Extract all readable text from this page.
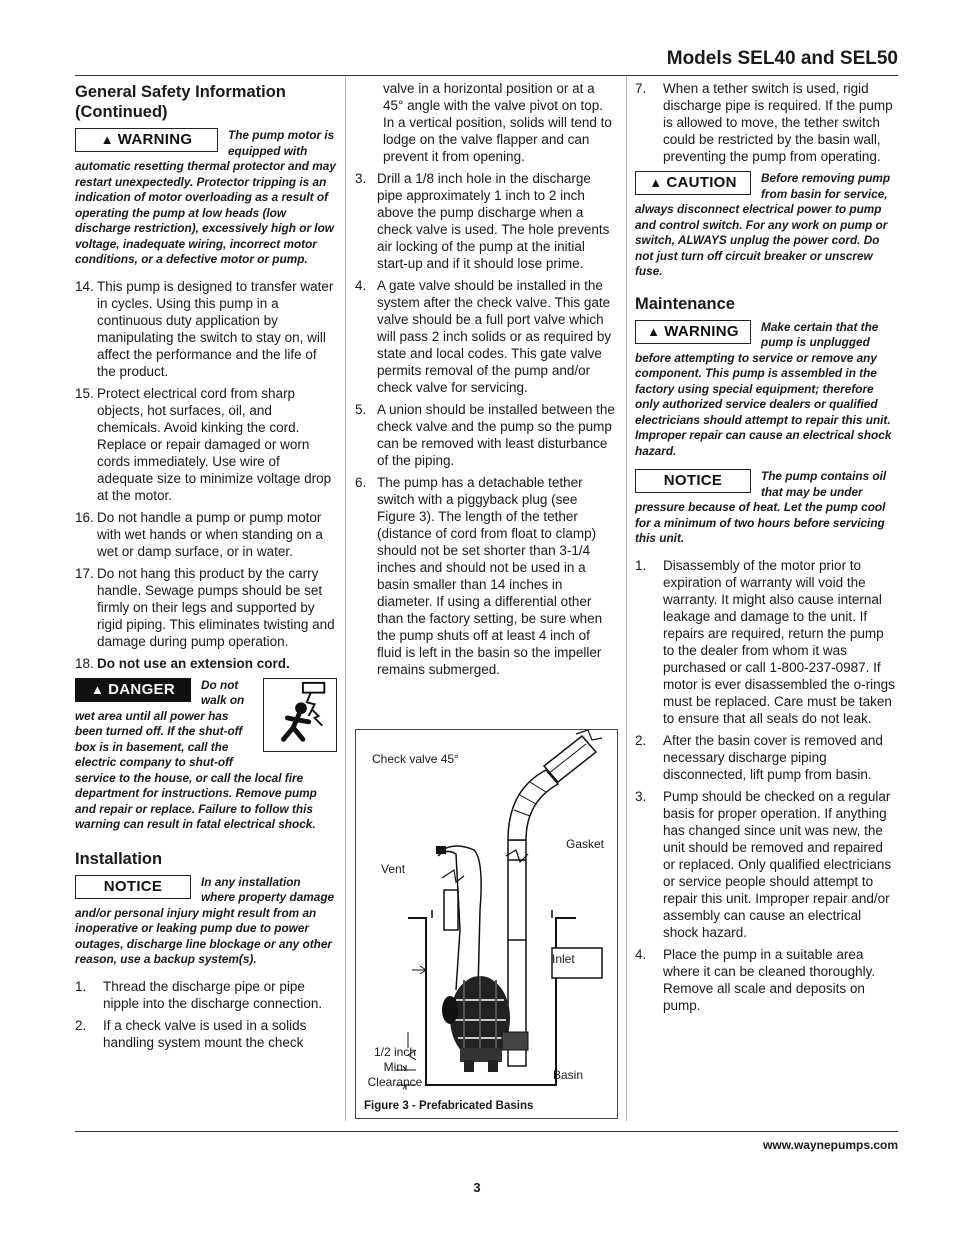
Models SEL40 and SEL50
General Safety Information (Continued)
▲ WARNING	The pump motor is equipped with automatic resetting thermal protector and may restart unexpectedly. Protector tripping is an indication of motor overloading as a result of operating the pump at low heads (low discharge restriction), excessively high or low voltage, inadequate wiring, incorrect motor conditions, or a defective motor or pump.
14. This pump is designed to transfer water in cycles. Using this pump in a continuous duty application by manipulating the switch to stay on, will affect the performance and the life of the product.
15. Protect electrical cord from sharp objects, hot surfaces, oil, and chemicals. Avoid kinking the cord. Replace or repair damaged or worn cords immediately. Use wire of adequate size to minimize voltage drop at the motor.
16. Do not handle a pump or pump motor with wet hands or when standing on a wet or damp surface, or in water.
17. Do not hang this product by the carry handle. Sewage pumps should be set firmly on their legs and supported by rigid piping. This eliminates twisting and damage during pump operation.
18. Do not use an extension cord.
▲ DANGER	Do not walk on wet area until all power has been turned off. If the shut-off box is in basement, call the electric company to shut-off service to the house, or call the local fire department for instructions. Remove pump and repair or replace. Failure to follow this warning can result in fatal electrical shock.
Installation
NOTICE	In any installation where property damage and/or personal injury might result from an inoperative or leaking pump due to power outages, discharge line blockage or any other reason, use a backup system(s).
1. Thread the discharge pipe or pipe nipple into the discharge connection.
2. If a check valve is used in a solids handling system mount the check
valve in a horizontal position or at a 45° angle with the valve pivot on top. In a vertical position, solids will tend to lodge on the valve flapper and can prevent it from opening.
3. Drill a 1/8 inch hole in the discharge pipe approximately 1 inch to 2 inch above the pump discharge when a check valve is used. The hole prevents air locking of the pump at the initial start-up and if it should lose prime.
4. A gate valve should be installed in the system after the check valve. This gate valve should be a full port valve which will pass 2 inch solids or as required by state and local codes. This gate valve permits removal of the pump and/or check valve for servicing.
5. A union should be installed between the check valve and the pump so the pump can be removed with least disturbance of the piping.
6. The pump has a detachable tether switch with a piggyback plug (see Figure 3). The length of the tether (distance of cord from float to clamp) should not be set shorter than 3-1/4 inches and should not be used in a basin smaller than 14 inches in diameter. If using a differential other than the factory setting, be sure when the pump shuts off at least 4 inch of fluid is left in the basin so the impeller remains submerged.
Check valve 45°
Gasket
Vent
Inlet
1/2 inch Min. Clearance	Basin
Figure 3 - Prefabricated Basins
7. When a tether switch is used, rigid discharge pipe is required. If the pump is allowed to move, the tether switch could be restricted by the basin wall, preventing the pump from operating.
▲ CAUTION	Before removing pump from basin for service, always disconnect electrical power to pump and control switch. For any work on pump or switch, ALWAYS unplug the power cord. Do not just turn off circuit breaker or unscrew fuse.
Maintenance
▲ WARNING	Make certain that the pump is unplugged before attempting to service or remove any component. This pump is assembled in the factory using special equipment; therefore only authorized service dealers or qualified electricians should attempt to repair this unit. Improper repair can cause an electrical shock hazard.
NOTICE	The pump contains oil that may be under pressure because of heat. Let the pump cool for a minimum of two hours before servicing this unit.
1. Disassembly of the motor prior to expiration of warranty will void the warranty. It might also cause internal leakage and damage to the unit. If repairs are required, return the pump to the dealer from whom it was purchased or call 1-800-237-0987. If motor is ever disassembled the o-rings must be replaced. Care must be taken to ensure that all seals do not leak.
2. After the basin cover is removed and necessary discharge piping disconnected, lift pump from basin.
3. Pump should be checked on a regular basis for proper operation. If anything has changed since unit was new, the unit should be removed and repaired or replaced. Only qualified electricians or service people should attempt to repair this unit. Improper repair and/or assembly can cause an electrical shock hazard.
4. Place the pump in a suitable area where it can be cleaned thoroughly. Remove all scale and deposits on pump.
www.waynepumps.com
3
